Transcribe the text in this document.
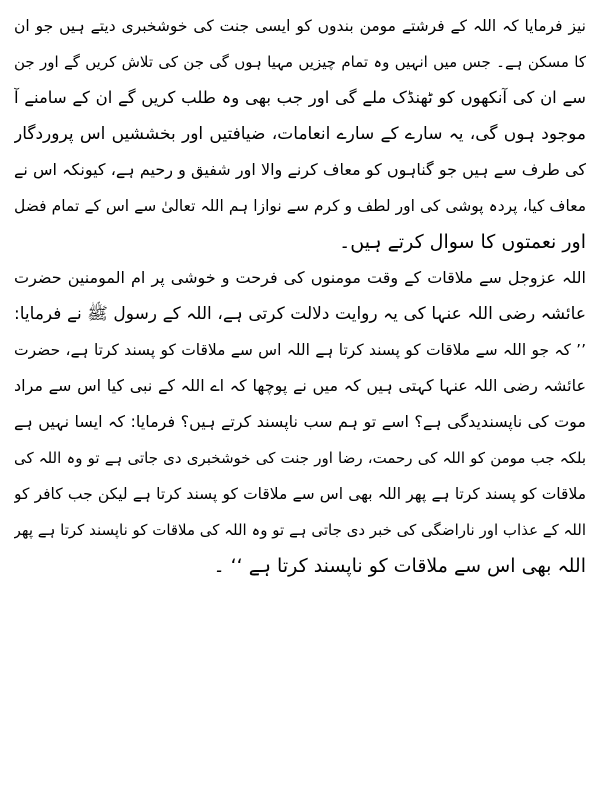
نیز فرمایا کہ اللہ کے فرشتے مومن بندوں کو ایسی جنت کی خوشخبری دیتے ہیں جو ان
کا مسکن ہے۔ جس میں انہیں وہ تمام چیزیں مہیا ہوں گی جن کی تلاش کریں گے اور جن
سے ان کی آنکھوں کو ٹھنڈک ملے گی اور جب بھی وہ طلب کریں گے ان کے سامنے آ
موجود ہوں گی، یہ سارے کے سارے انعامات، ضیافتیں اور بخششیں اس پروردگار
کی طرف سے ہیں جو گناہوں کو معاف کرنے والا اور شفیق و رحیم ہے، کیونکہ اس نے
معاف کیا، پردہ پوشی کی اور لطف و کرم سے نوازا ہم اللہ تعالیٰ سے اس کے تمام فضل
اور نعمتوں کا سوال کرتے ہیں۔
اللہ عزوجل سے ملاقات کے وقت مومنوں کی فرحت و خوشی پر ام المومنین حضرت
عائشہ رضی اللہ عنہا کی یہ روایت دلالت کرتی ہے، اللہ کے رسول ﷺ نے فرمایا:
’’ کہ جو اللہ سے ملاقات کو پسند کرتا ہے اللہ اس سے ملاقات کو پسند کرتا ہے، حضرت
عائشہ رضی اللہ عنہا کہتی ہیں کہ میں نے پوچھا کہ اے اللہ کے نبی کیا اس سے مراد
موت کی ناپسندیدگی ہے؟ اسے تو ہم سب ناپسند کرتے ہیں؟ فرمایا: کہ ایسا نہیں ہے
بلکہ جب مومن کو اللہ کی رحمت، رضا اور جنت کی خوشخبری دی جاتی ہے تو وہ اللہ کی
ملاقات کو پسند کرتا ہے پھر اللہ بھی اس سے ملاقات کو پسند کرتا ہے لیکن جب کافر کو
اللہ کے عذاب اور ناراضگی کی خبر دی جاتی ہے تو وہ اللہ کی ملاقات کو ناپسند کرتا ہے پھر
اللہ بھی اس سے ملاقات کو ناپسند کرتا ہے ‘‘ ۔
